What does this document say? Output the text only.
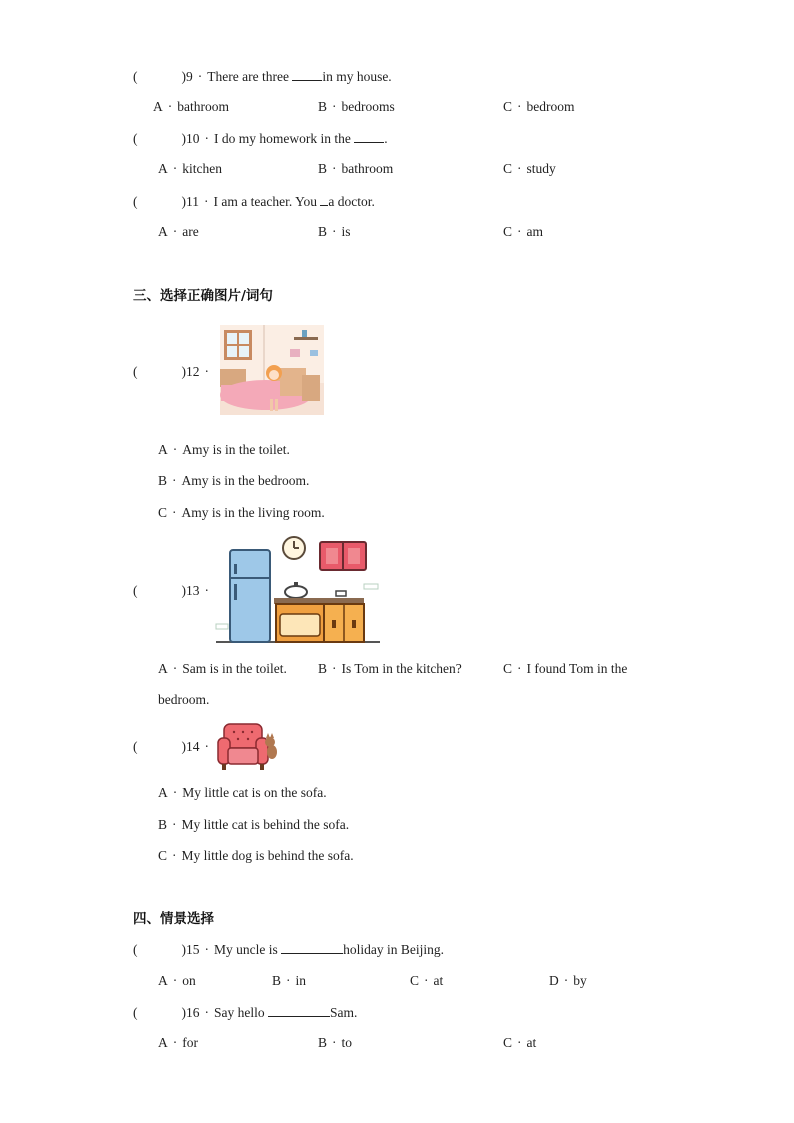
(	)9 · There are three in my house.
A · bathroom	B · bedrooms	C · bedroom
(	)10 · I do my homework in the .
A · kitchen	B · bathroom	C · study
(	)11 · I am a teacher. You a doctor.
A · are	B · is	C · am
三、选择正确图片/词句
(	)12 ·
A · Amy is in the toilet.
B · Amy is in the bedroom.
C · Amy is in the living room.
(	)13 ·
A · Sam is in the toilet. B · Is Tom in the kitchen?	C · I found Tom in the
bedroom.
(	)14 ·
A · My little cat is on the sofa.
B · My little cat is behind the sofa.
C · My little dog is behind the sofa.
四、情景选择
(	)15 · My uncle is	holiday in Beijing.
A · on	B · in	C · at	D · by
(	)16 · Say hello	Sam.
A · for	B · to	C · at
